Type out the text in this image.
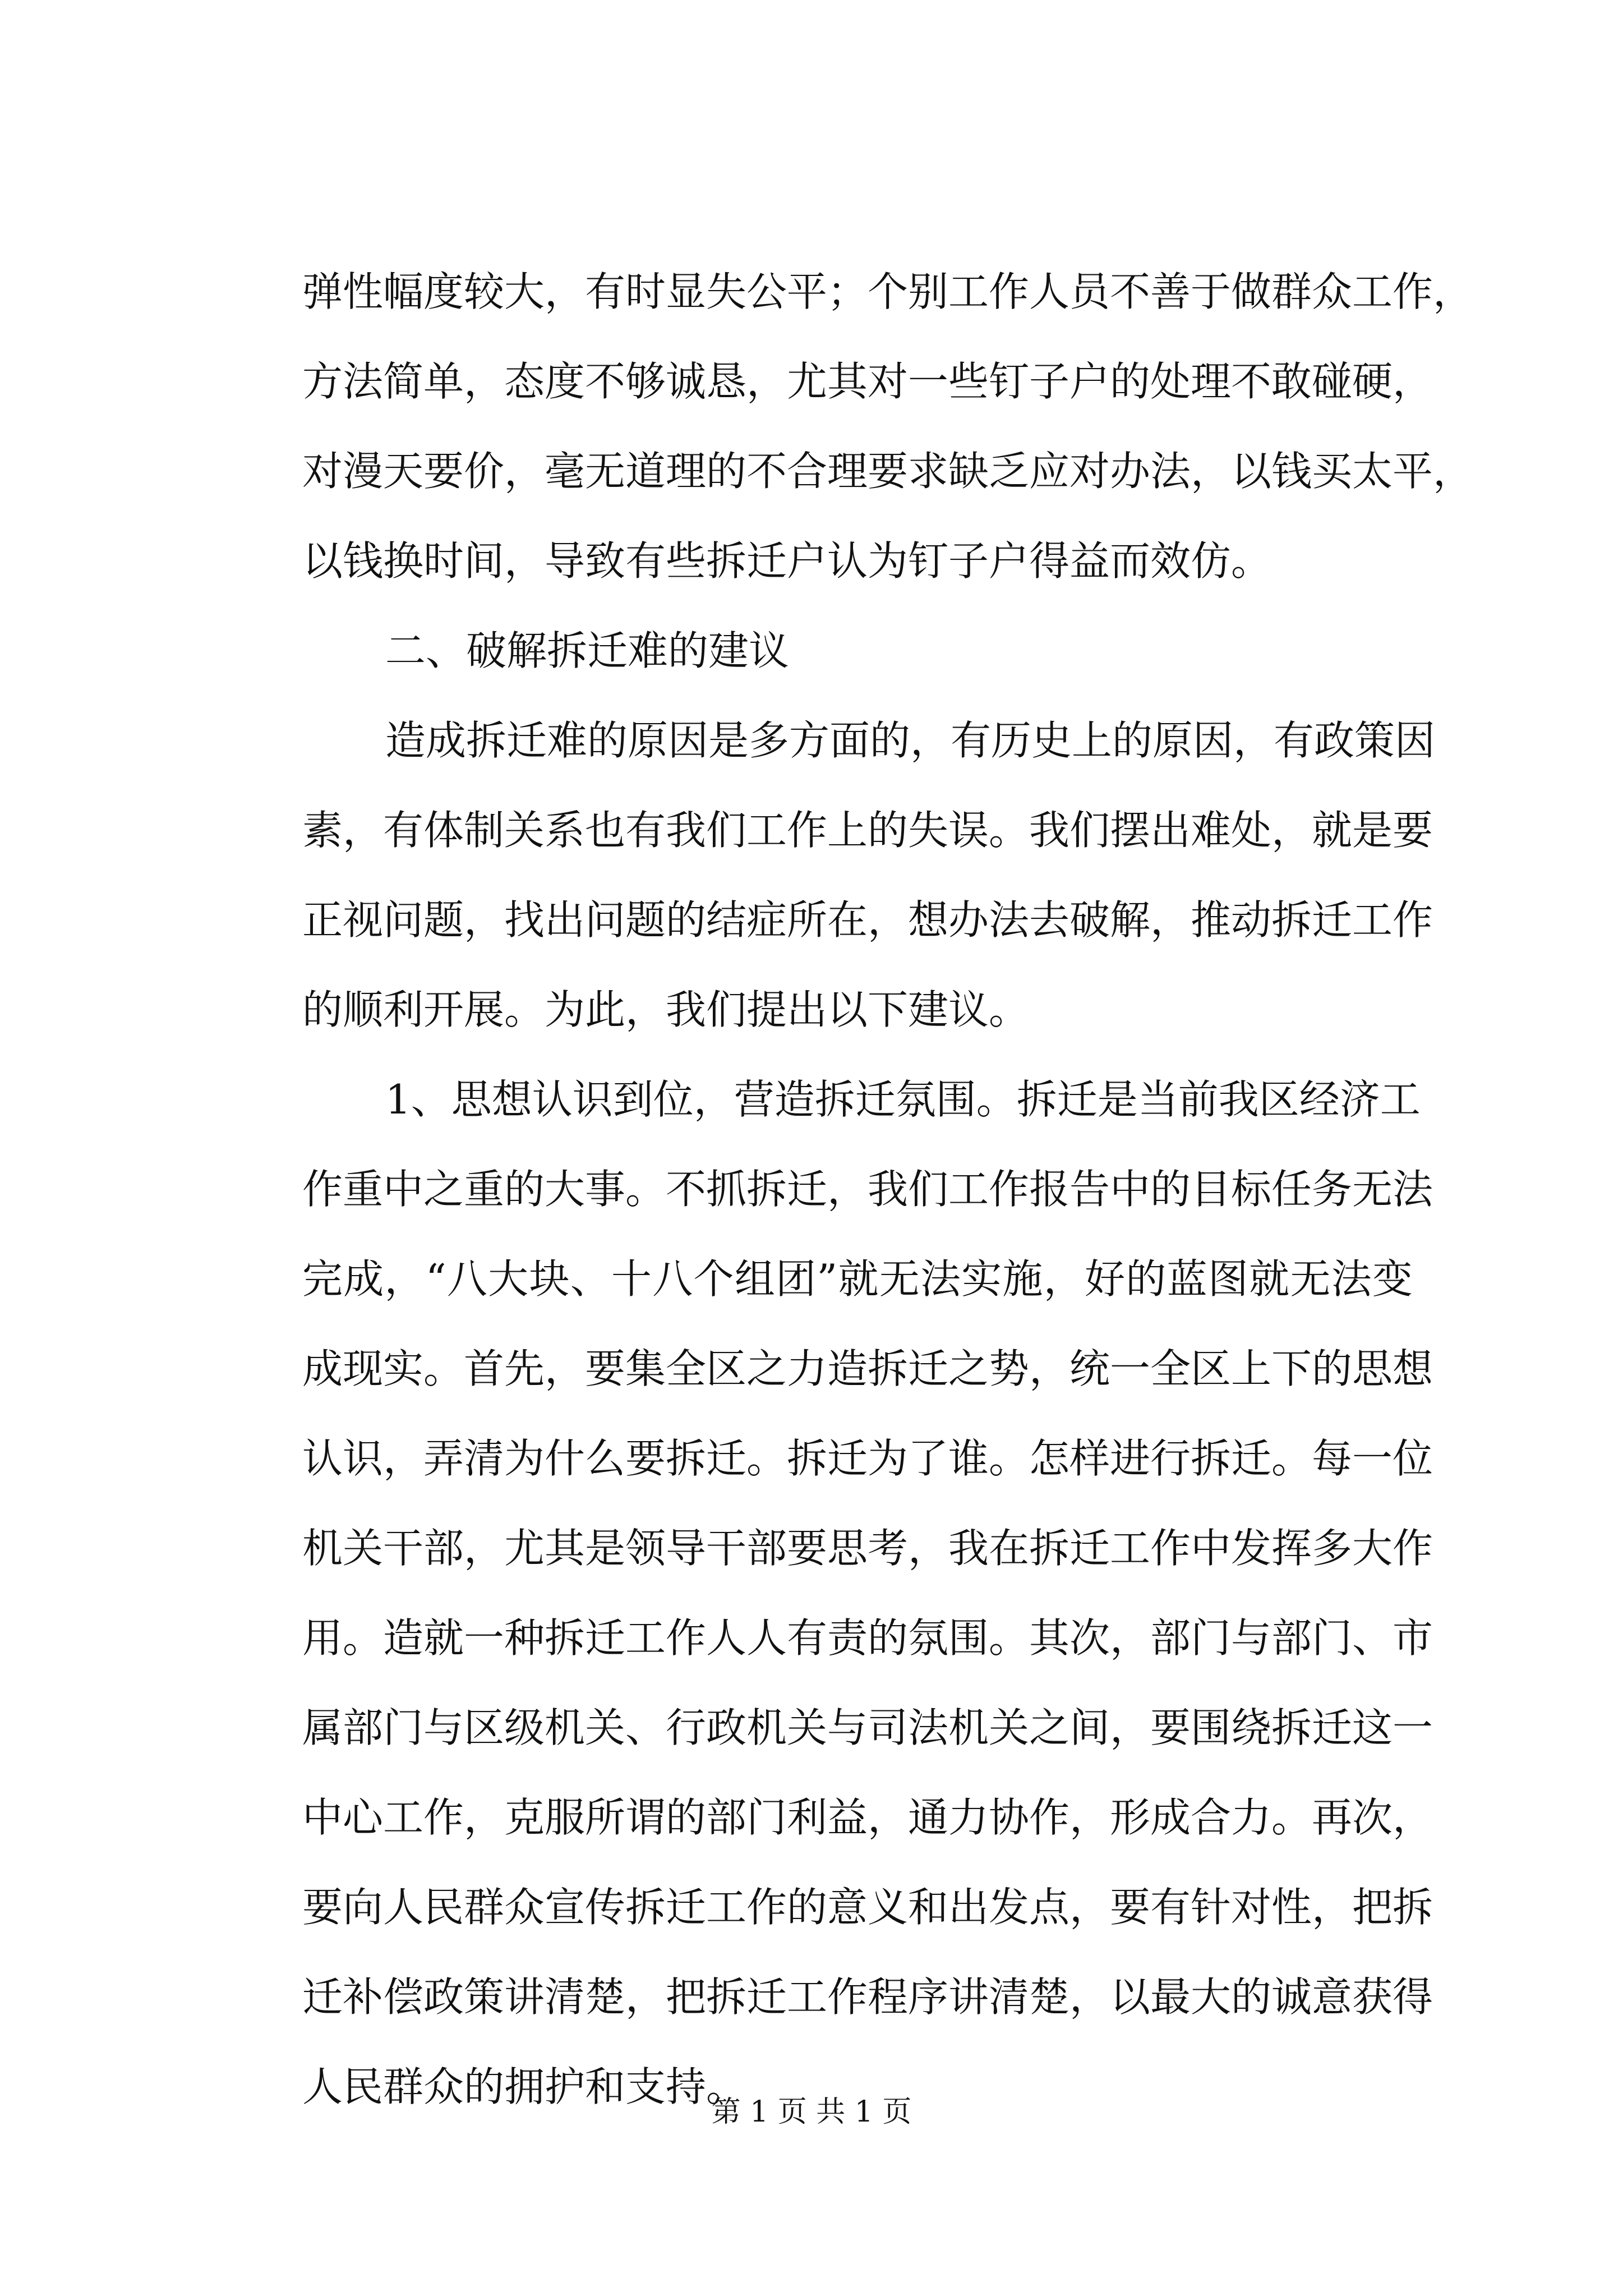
弹性幅度较大，有时显失公平；个别工作人员不善于做群众工作，
方法简单，态度不够诚恳，尤其对一些钉子户的处理不敢碰硬，
对漫天要价，毫无道理的不合理要求缺乏应对办法，以钱买太平，
以钱换时间，导致有些拆迁户认为钉子户得益而效仿。
二、破解拆迁难的建议
造成拆迁难的原因是多方面的，有历史上的原因，有政策因
素，有体制关系也有我们工作上的失误。我们摆出难处，就是要
正视问题，找出问题的结症所在，想办法去破解，推动拆迁工作
的顺利开展。为此，我们提出以下建议。
1、思想认识到位，营造拆迁氛围。拆迁是当前我区经济工
作重中之重的大事。不抓拆迁，我们工作报告中的目标任务无法
完成，“八大块、十八个组团”就无法实施，好的蓝图就无法变
成现实。首先，要集全区之力造拆迁之势，统一全区上下的思想
认识，弄清为什么要拆迁。拆迁为了谁。怎样进行拆迁。每一位
机关干部，尤其是领导干部要思考，我在拆迁工作中发挥多大作
用。造就一种拆迁工作人人有责的氛围。其次，部门与部门、市
属部门与区级机关、行政机关与司法机关之间，要围绕拆迁这一
中心工作，克服所谓的部门利益，通力协作，形成合力。再次，
要向人民群众宣传拆迁工作的意义和出发点，要有针对性，把拆
迁补偿政策讲清楚，把拆迁工作程序讲清楚，以最大的诚意获得
人民群众的拥护和支持。
第 1 页 共 1 页
